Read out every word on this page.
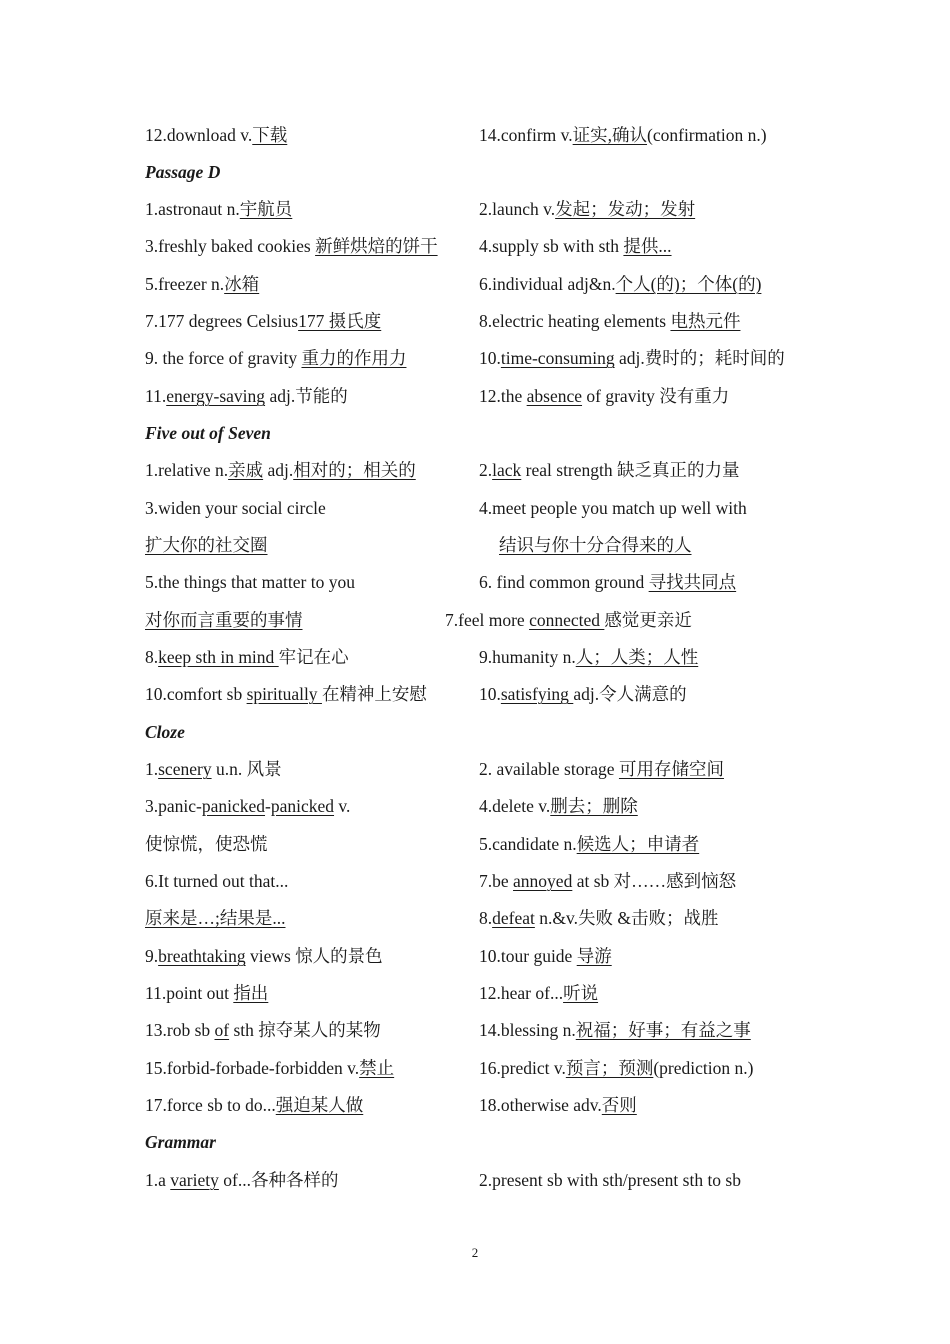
12.download v.下载	14.confirm v.证实,确认(confirmation n.)
Passage D
1.astronaut n.宇航员	2.launch v.发起；发动；发射
3.freshly baked cookies 新鲜烘焙的饼干 4.supply sb with sth 提供...
5.freezer n.冰箱	6.individual adj&n.个人(的)；个体(的)
7.177 degrees Celsius177 摄氏度	8.electric heating elements 电热元件
9. the force of gravity 重力的作用力	10.time-consuming adj.费时的；耗时间的
11.energy-saving adj.节能的	12.the absence of gravity 没有重力
Five out of Seven
1.relative n.亲戚 adj.相对的；相关的	2.lack real strength 缺乏真正的力量
3.widen your social circle	4.meet people you match up well with
扩大你的社交圈	结识与你十分合得来的人
5.the things that matter to you	6. find common ground 寻找共同点
对你而言重要的事情	7.feel more connected 感觉更亲近
8.keep sth in mind 牢记在心	9.humanity n.人；人类；人性
10.comfort sb spiritually 在精神上安慰	10.satisfying adj.令人满意的
Cloze
1.scenery u.n. 风景	2. available storage 可用存储空间
3.panic-panicked-panicked v.	4.delete v.删去；删除
使惊慌，使恐慌	5.candidate n.候选人；申请者
6.It turned out that...	7.be annoyed at sb 对……感到恼怒
原来是…;结果是...	8.defeat n.&v.失败 &击败；战胜
9.breathtaking views 惊人的景色	10.tour guide 导游
11.point out 指出	12.hear of...听说
13.rob sb of sth 掠夺某人的某物	14.blessing n.祝福；好事；有益之事
15.forbid-forbade-forbidden v.禁止	16.predict v.预言；预测(prediction n.)
17.force sb to do...强迫某人做	18.otherwise adv.否则
Grammar
1.a variety of...各种各样的	2.present sb with sth/present sth to sb
2
